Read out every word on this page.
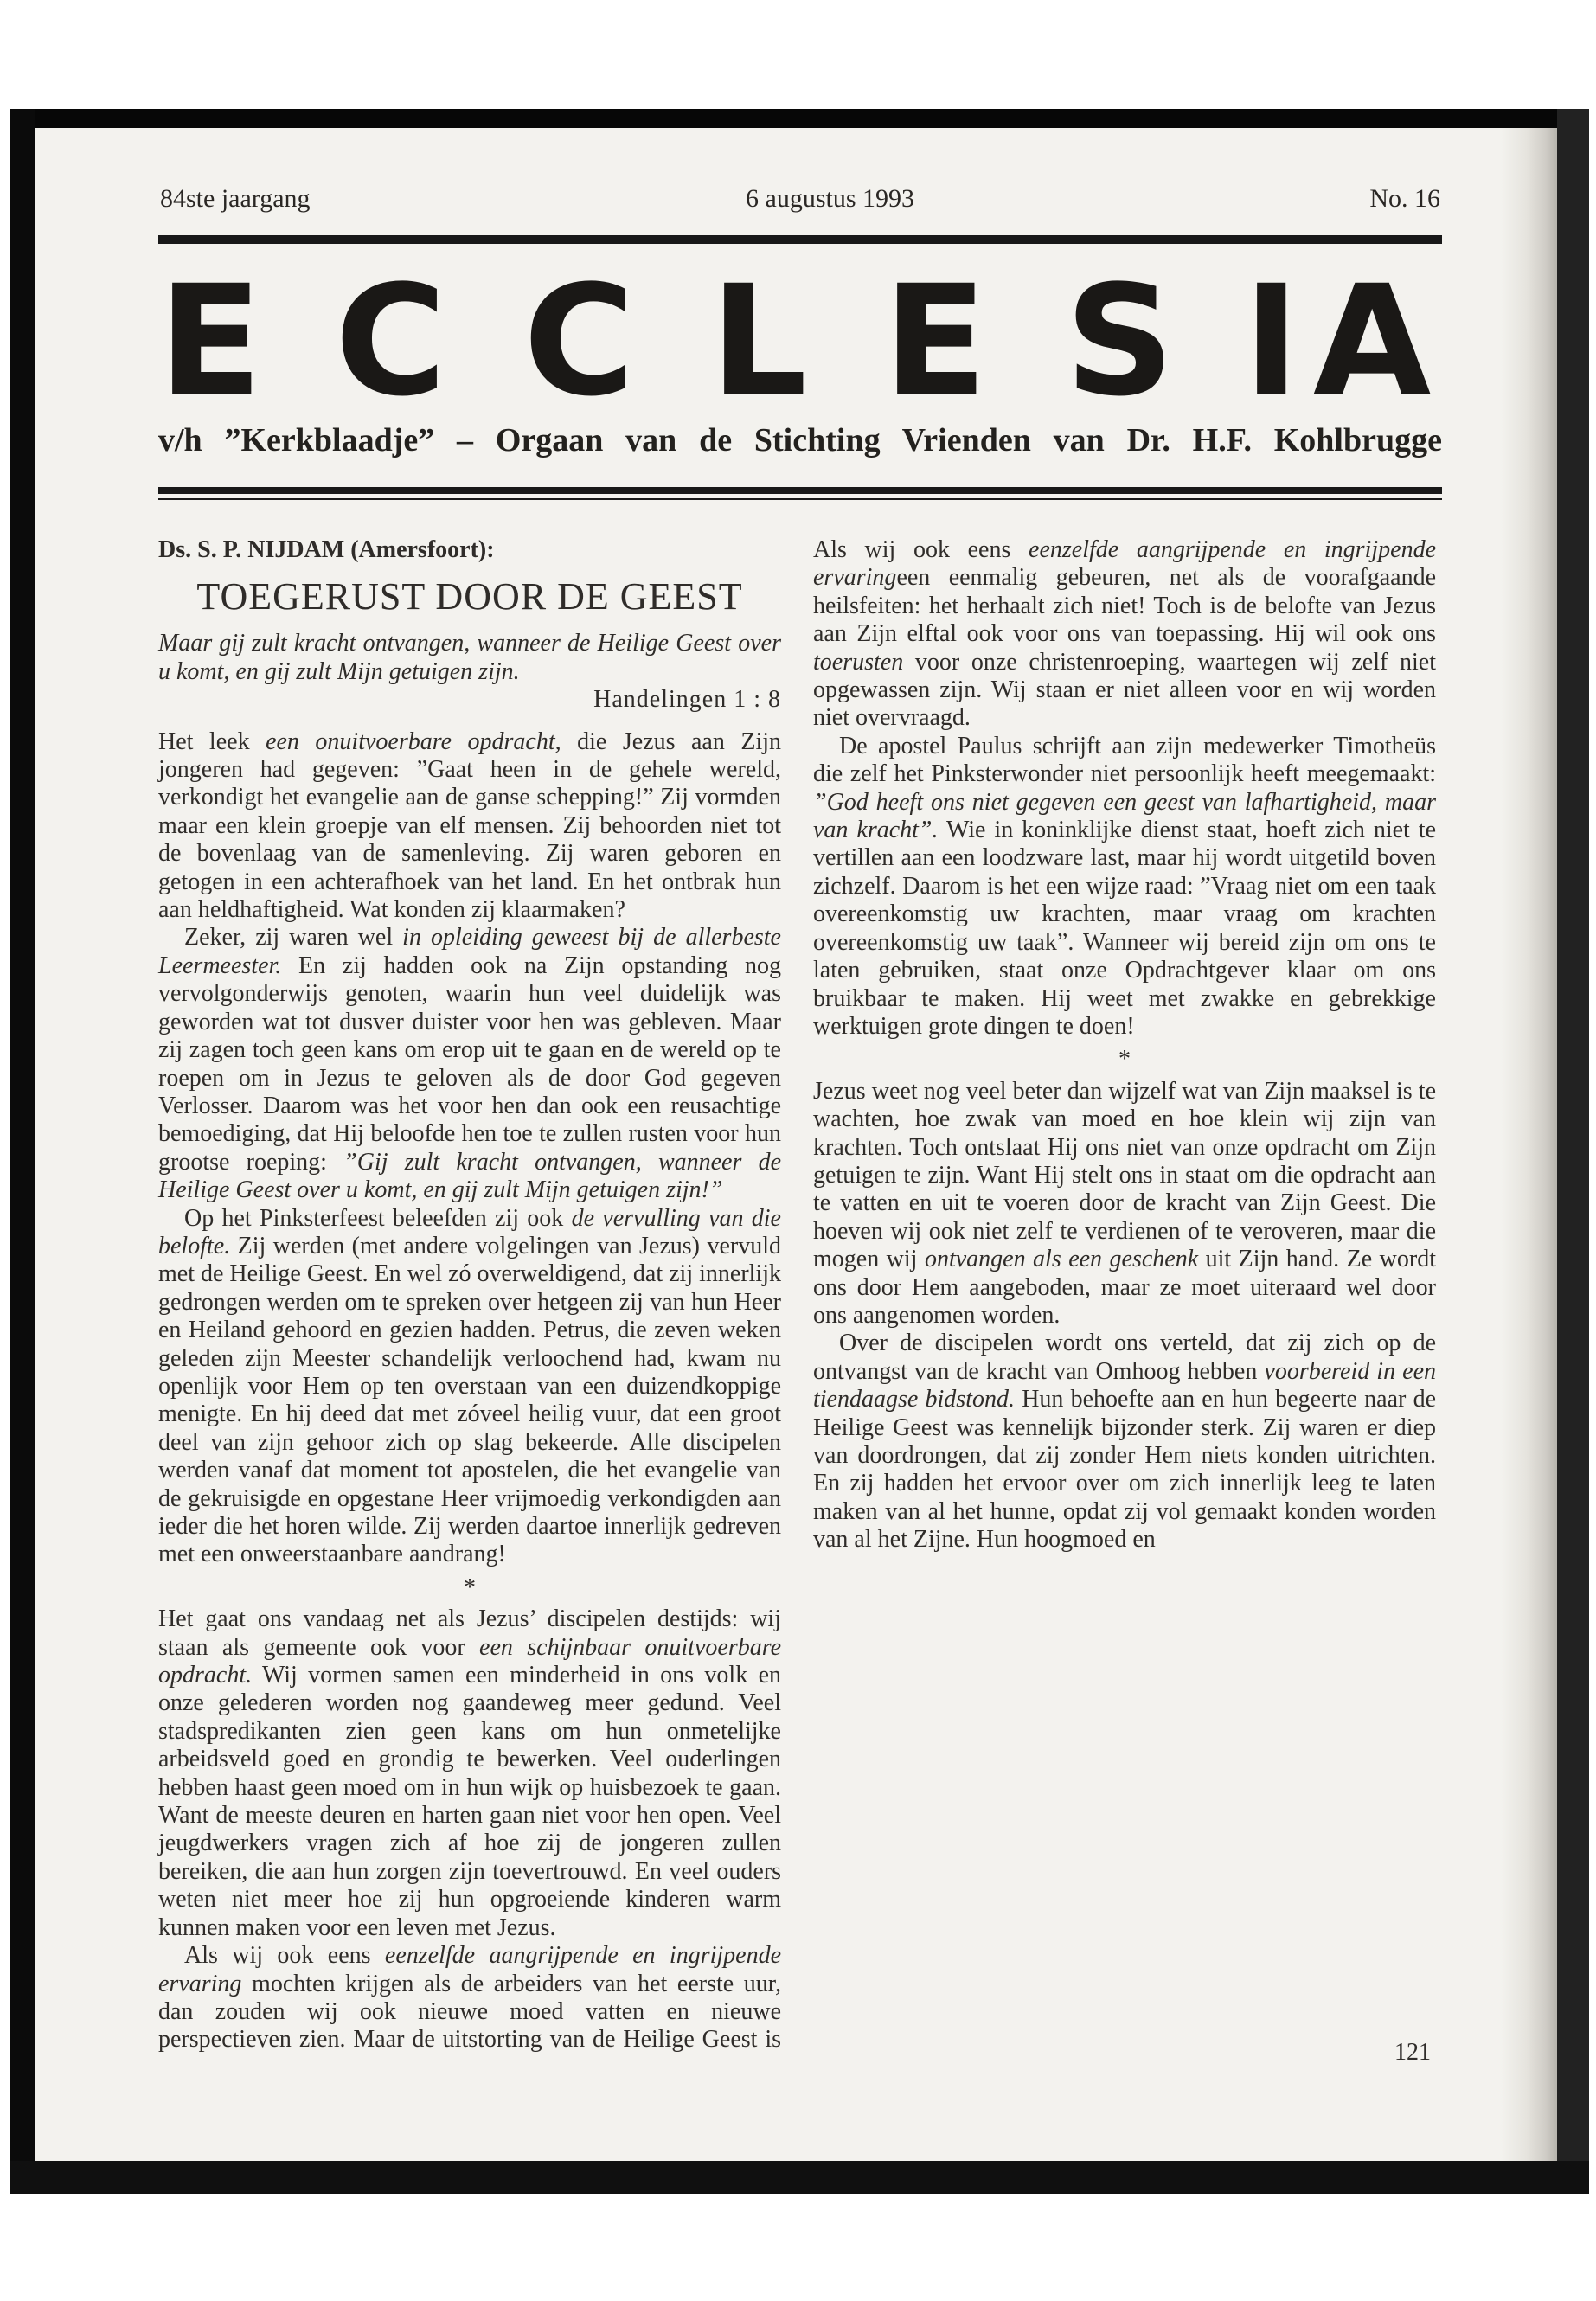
84ste jaargang	6 augustus 1993	No. 16
E C C L E S I A
v/h ”Kerkblaadje” – Orgaan van de Stichting Vrienden van Dr. H.F. Kohlbrugge

Ds. S. P. NIJDAM (Amersfoort):

TOEGERUST DOOR DE GEEST

Maar gij zult kracht ontvangen, wanneer de Heilige Geest over u komt, en gij zult Mijn getuigen zijn.

Handelingen 1 : 8

Het leek een onuitvoerbare opdracht, die Jezus aan Zijn jongeren had gegeven: ”Gaat heen in de gehele wereld, verkondigt het evangelie aan de ganse schepping!” Zij vormden maar een klein groepje van elf mensen. Zij behoorden niet tot de bovenlaag van de samenleving. Zij waren geboren en getogen in een achterafhoek van het land. En het ontbrak hun aan heldhaftigheid. Wat konden zij klaarmaken?

Zeker, zij waren wel in opleiding geweest bij de allerbeste Leermeester. En zij hadden ook na Zijn opstanding nog vervolgonderwijs genoten, waarin hun veel duidelijk was geworden wat tot dusver duister voor hen was gebleven. Maar zij zagen toch geen kans om erop uit te gaan en de wereld op te roepen om in Jezus te geloven als de door God gegeven Verlosser. Daarom was het voor hen dan ook een reusachtige bemoediging, dat Hij beloofde hen toe te zullen rusten voor hun grootse roeping: ”Gij zult kracht ontvangen, wanneer de Heilige Geest over u komt, en gij zult Mijn getuigen zijn!”

Op het Pinksterfeest beleefden zij ook de vervulling van die belofte. Zij werden (met andere volgelingen van Jezus) vervuld met de Heilige Geest. En wel zó overweldigend, dat zij innerlijk gedrongen werden om te spreken over hetgeen zij van hun Heer en Heiland gehoord en gezien hadden. Petrus, die zeven weken geleden zijn Meester schandelijk verloochend had, kwam nu openlijk voor Hem op ten overstaan van een duizendkoppige menigte. En hij deed dat met zóveel heilig vuur, dat een groot deel van zijn gehoor zich op slag bekeerde. Alle discipelen werden vanaf dat moment tot apostelen, die het evangelie van de gekruisigde en opgestane Heer vrijmoedig verkondigden aan ieder die het horen wilde. Zij werden daartoe innerlijk gedreven met een onweerstaanbare aandrang!

*

Het gaat ons vandaag net als Jezus’ discipelen destijds: wij staan als gemeente ook voor een schijnbaar onuitvoerbare opdracht. Wij vormen samen een minderheid in ons volk en onze gelederen worden nog gaandeweg meer gedund. Veel stadspredikanten zien geen kans om hun onmetelijke arbeidsveld goed en grondig te bewerken. Veel ouderlingen hebben haast geen moed om in hun wijk op huisbezoek te gaan. Want de meeste deuren en harten gaan niet voor hen open. Veel jeugdwerkers vragen zich af hoe zij de jongeren zullen bereiken, die aan hun zorgen zijn toevertrouwd. En veel ouders weten niet meer hoe zij hun opgroeiende kinderen warm kunnen maken voor een leven met Jezus.

Als wij ook eens eenzelfde aangrijpende en ingrijpende ervaring mochten krijgen als de arbeiders van het eerste uur, dan zouden wij ook nieuwe moed vatten en nieuwe perspectieven zien. Maar de uitstorting van de Heilige Geest is

Als wij ook eens eenzelfde aangrijpende en ingrijpende ervaringeen eenmalig gebeuren, net als de voorafgaande heilsfeiten: het herhaalt zich niet! Toch is de belofte van Jezus aan Zijn elftal ook voor ons van toepassing. Hij wil ook ons toerusten voor onze christenroeping, waartegen wij zelf niet opgewassen zijn. Wij staan er niet alleen voor en wij worden niet overvraagd.

De apostel Paulus schrijft aan zijn medewerker Timotheüs die zelf het Pinksterwonder niet persoonlijk heeft meegemaakt: ”God heeft ons niet gegeven een geest van lafhartigheid, maar van kracht”. Wie in koninklijke dienst staat, hoeft zich niet te vertillen aan een loodzware last, maar hij wordt uitgetild boven zichzelf. Daarom is het een wijze raad: ”Vraag niet om een taak overeenkomstig uw krachten, maar vraag om krachten overeenkomstig uw taak”. Wanneer wij bereid zijn om ons te laten gebruiken, staat onze Opdrachtgever klaar om ons bruikbaar te maken. Hij weet met zwakke en gebrekkige werktuigen grote dingen te doen!

*

Jezus weet nog veel beter dan wijzelf wat van Zijn maaksel is te wachten, hoe zwak van moed en hoe klein wij zijn van krachten. Toch ontslaat Hij ons niet van onze opdracht om Zijn getuigen te zijn. Want Hij stelt ons in staat om die opdracht aan te vatten en uit te voeren door de kracht van Zijn Geest. Die hoeven wij ook niet zelf te verdienen of te veroveren, maar die mogen wij ontvangen als een geschenk uit Zijn hand. Ze wordt ons door Hem aangeboden, maar ze moet uiteraard wel door ons aangenomen worden.

Over de discipelen wordt ons verteld, dat zij zich op de ontvangst van de kracht van Omhoog hebben voorbereid in een tiendaagse bidstond. Hun behoefte aan en hun begeerte naar de Heilige Geest was kennelijk bijzonder sterk. Zij waren er diep van doordrongen, dat zij zonder Hem niets konden uitrichten. En zij hadden het ervoor over om zich innerlijk leeg te laten maken van al het hunne, opdat zij vol gemaakt konden worden van al het Zijne. Hun hoogmoed en

121
